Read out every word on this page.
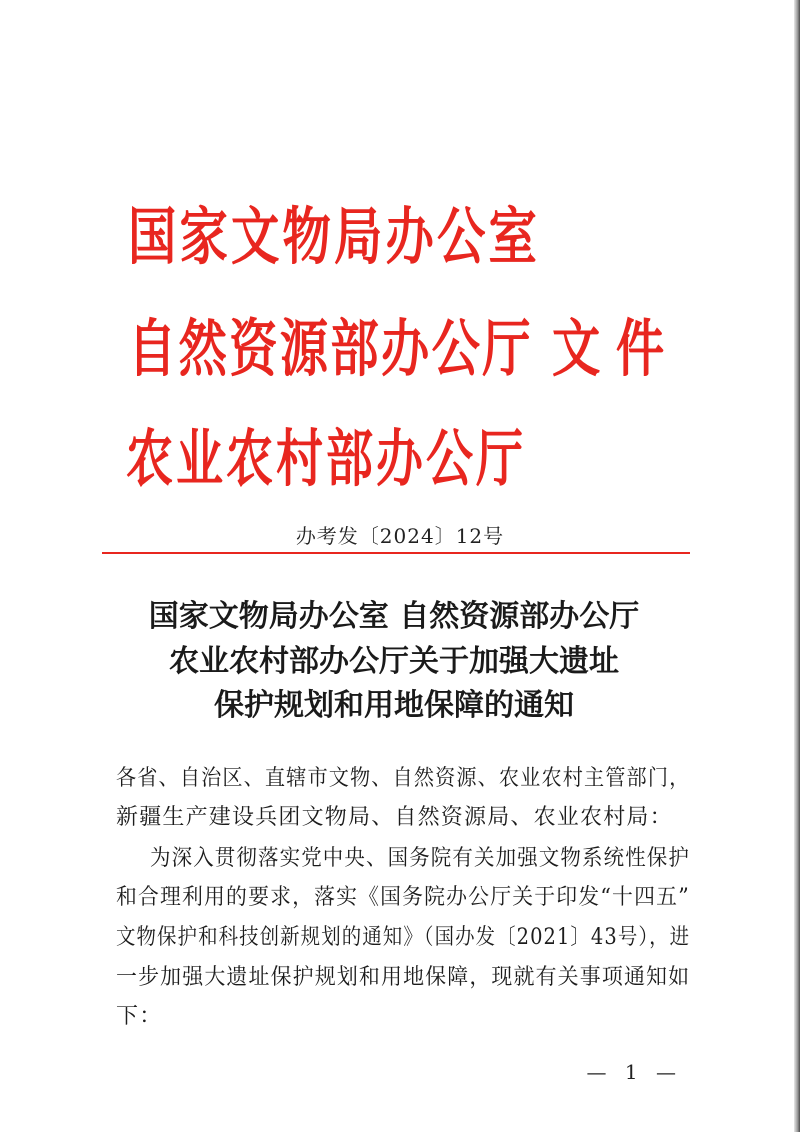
国家文物局办公室
自然资源部办公厅 文件
农业农村部办公厅
办考发〔2024〕12号
国家文物局办公室 自然资源部办公厅
农业农村部办公厅关于加强大遗址
保护规划和用地保障的通知
各省、自治区、直辖市文物、自然资源、农业农村主管部门，
新疆生产建设兵团文物局、自然资源局、农业农村局：
为深入贯彻落实党中央、国务院有关加强文物系统性保护
和合理利用的要求，落实《国务院办公厅关于印发“十四五”
文物保护和科技创新规划的通知》（国办发〔2021〕43号），进
一步加强大遗址保护规划和用地保障，现就有关事项通知如
下：
— 1 —
